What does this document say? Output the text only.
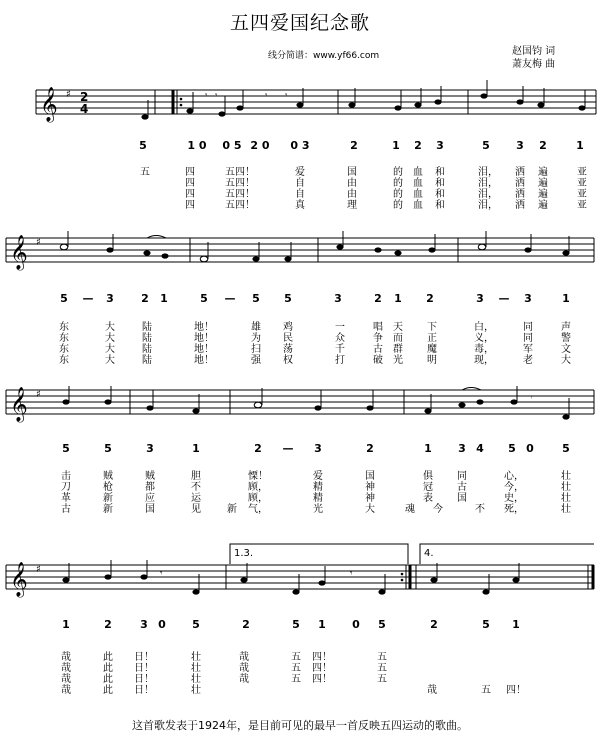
五四爱国纪念歌
线分简谱：www.yf66.com	赵国钧 词
萧友梅 曲
𝄞 ♯ 2
4
𝄾 𝄾	𝄾 𝄾
5	1 0 0 5 2 0 0 3	2	1 2 3	5 3 2	1
五	四	五四！	爱	国	的 血 和	泪， 洒 遍	亚
四	五四！	自	由	的 血 和	泪， 洒 遍	亚
四	五四！	自	由	的 血 和	泪， 洒 遍	亚
四	五四！	真	理	的 血 和	泪， 洒 遍	亚
𝄞 ♯
5 — 3 2 1	5 — 5 5	3	2 1 2	3 — 3	1
东	大	陆	地！	雄 鸡	一	唱 天 下	白，	同	声
东	大	陆	地！	为 民	众	争 而 正	义，	同	警
东	大	陆	地！	扫 荡	千	古 群 魔	毒，	军	文
东	大	陆	地！	强 权	打	破 光 明	现，	老	大
𝄞 ♯	𝄾
5	5	3	1	2 — 3	2	1 3 4 5 0	5
击	贼	贼	胆	慄！	爱	国	俱 同	心，	壮
刀	枪	都	不	顾，	精	神	冠 古	今，	壮
革	新	应	运	顾，	精	神	表 国	史，	壮
古	新	国	见	新 气，	光	大	魂 今	不 死，	壮
1.3.	4.
𝄞 ♯	𝄾	𝄾
1	2	3 0 5	2	5 1 0 5	2	5 1
哉	此 日！	壮	哉	五 四！	五
哉	此 日！	壮	哉	五 四！	五
哉	此 日！	壮	哉	五 四！	五
哉	此 日！	壮	哉	五 四！
这首歌发表于1924年，是目前可见的最早一首反映五四运动的歌曲。
